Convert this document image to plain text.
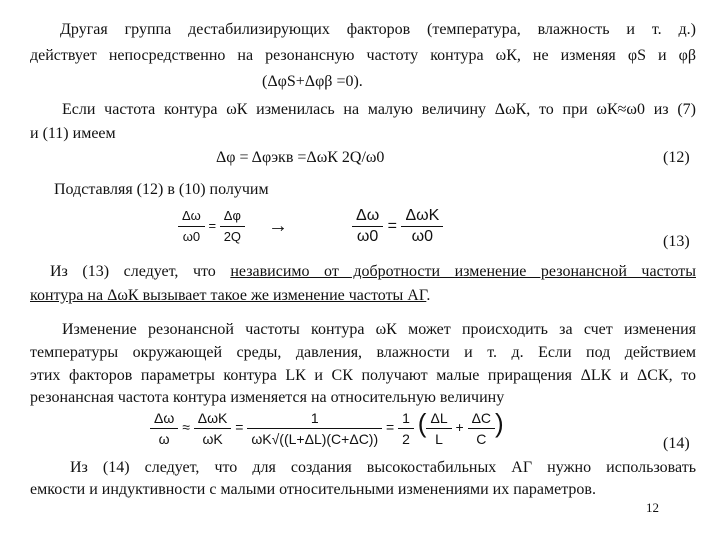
Другая группа дестабилизирующих факторов (температура, влажность и т. д.)
действует непосредственно на резонансную частоту контура ωК, не изменяя φS и φβ
(ΔφS+Δφβ =0).
Если частота контура ωК изменилась на малую величину ΔωК, то при ωК≈ω0 из (7)
и (11) имеем
Δφ = Δφэкв =ΔωК 2Q/ω0	(12)
Подставляя (12) в (10) получим
$\frac{\Delta\omega}{\omega 0} = \frac{\Delta\varphi}{2Q}$ →	$\frac{\Delta\omega}{\omega 0} = \frac{\text{ΔωK}}{\omega 0}$	(13)
Из (13) следует, что независимо от добротности изменение резонансной частоты
контура на ΔωК вызывает такое же изменение частоты АГ.
Изменение резонансной частоты контура ωК может происходить за счет изменения
температуры окружающей среды, давления, влажности и т. д. Если под действием
этих факторов параметры контура LК и CК получают малые приращения ΔLК и ΔCК, то
резонансная частота контура изменяется на относительную величину
$\frac{\Delta\omega}{\omega} \approx \frac{\text{ΔωK}}{\omega K} = \frac{1}{\omega K√((L+\Delta L)(C+\Delta C))} = \frac{1}{2}$ ( $\frac{\Delta L}{L} + \frac{\Delta C}{C}$ )
(14)
Из (14) следует, что для создания высокостабильных АГ нужно использовать
емкости и индуктивности с малыми относительными изменениями их параметров.
12
